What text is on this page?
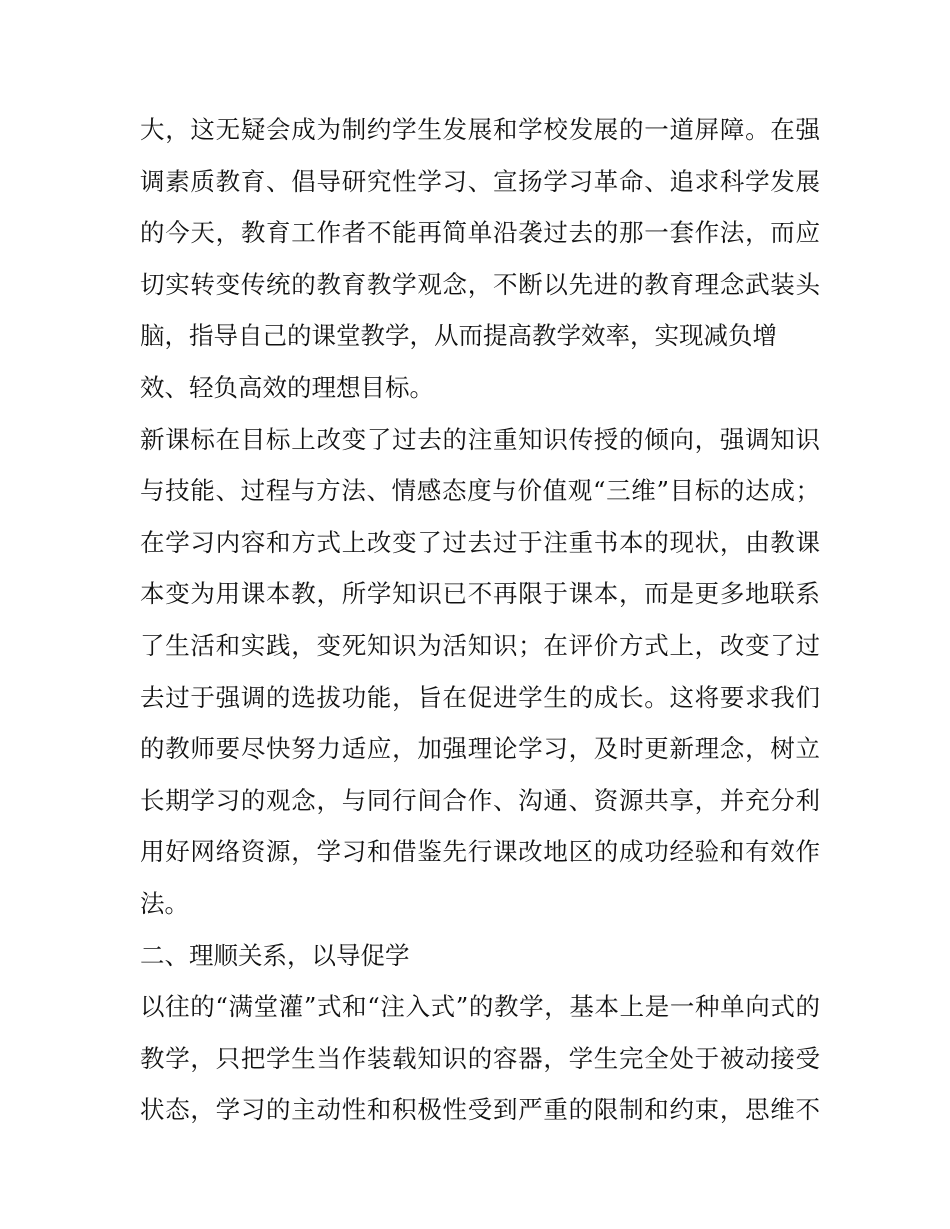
大，这无疑会成为制约学生发展和学校发展的一道屏障。在强
调素质教育、倡导研究性学习、宣扬学习革命、追求科学发展
的今天，教育工作者不能再简单沿袭过去的那一套作法，而应
切实转变传统的教育教学观念，不断以先进的教育理念武装头
脑，指导自己的课堂教学，从而提高教学效率，实现减负增
效、轻负高效的理想目标。
新课标在目标上改变了过去的注重知识传授的倾向，强调知识
与技能、过程与方法、情感态度与价值观“三维”目标的达成；
在学习内容和方式上改变了过去过于注重书本的现状，由教课
本变为用课本教，所学知识已不再限于课本，而是更多地联系
了生活和实践，变死知识为活知识；在评价方式上，改变了过
去过于强调的选拔功能，旨在促进学生的成长。这将要求我们
的教师要尽快努力适应，加强理论学习，及时更新理念，树立
长期学习的观念，与同行间合作、沟通、资源共享，并充分利
用好网络资源，学习和借鉴先行课改地区的成功经验和有效作
法。
二、理顺关系，以导促学
以往的“满堂灌”式和“注入式”的教学，基本上是一种单向式的
教学，只把学生当作装载知识的容器，学生完全处于被动接受
状态，学习的主动性和积极性受到严重的限制和约束，思维不
